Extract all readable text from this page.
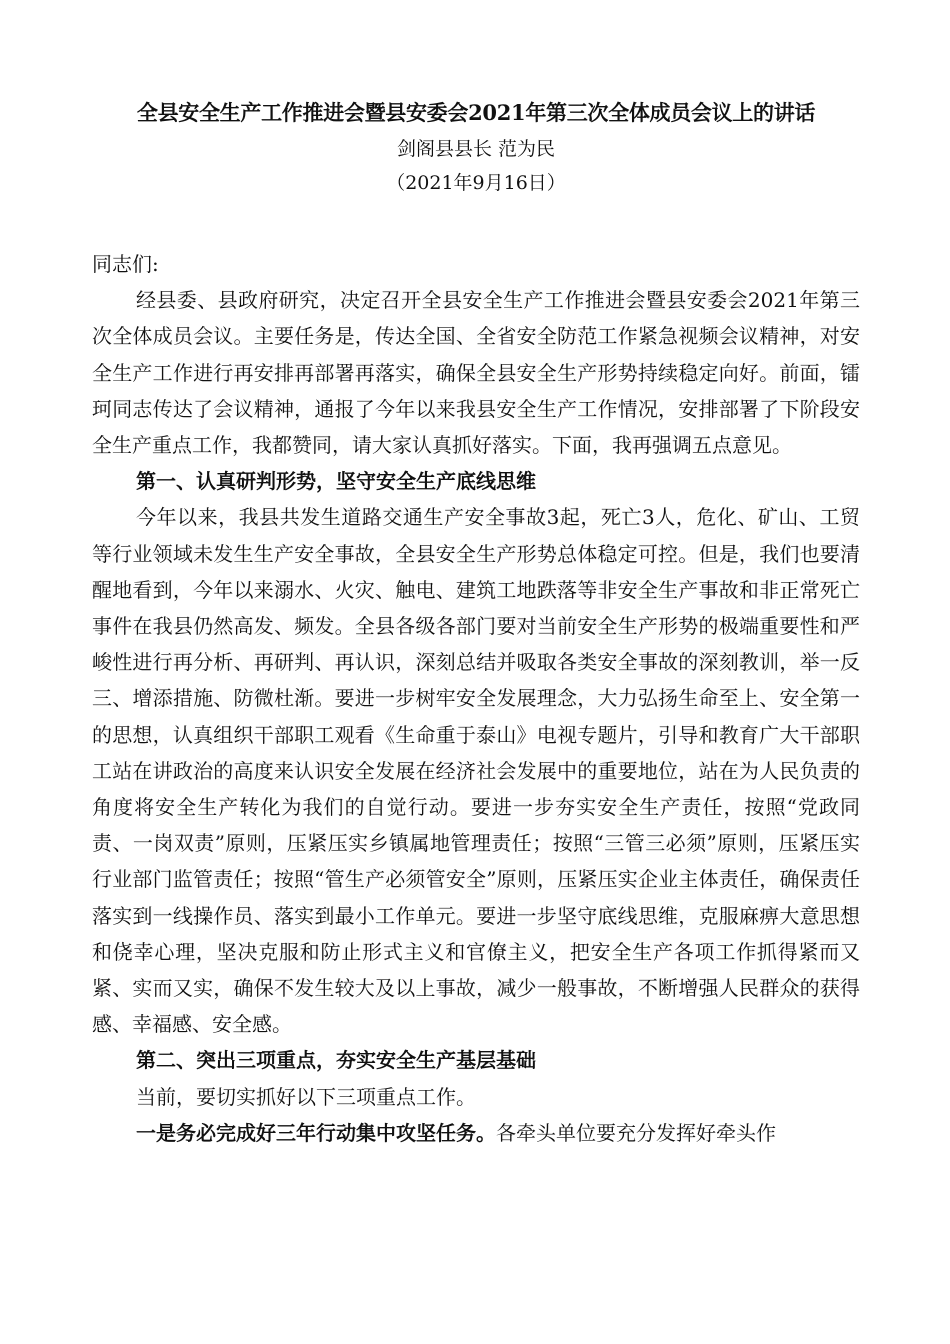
全县安全生产工作推进会暨县安委会2021年第三次全体成员会议上的讲话
剑阁县县长 范为民
（2021年9月16日）

同志们:

经县委、县政府研究，决定召开全县安全生产工作推进会暨县安委会2021年第三次全体成员会议。主要任务是，传达全国、全省安全防范工作紧急视频会议精神，对安全生产工作进行再安排再部署再落实，确保全县安全生产形势持续稳定向好。前面，镭珂同志传达了会议精神，通报了今年以来我县安全生产工作情况，安排部署了下阶段安全生产重点工作，我都赞同，请大家认真抓好落实。下面，我再强调五点意见。

第一、认真研判形势，坚守安全生产底线思维

今年以来，我县共发生道路交通生产安全事故3起，死亡3人，危化、矿山、工贸等行业领域未发生生产安全事故，全县安全生产形势总体稳定可控。但是，我们也要清醒地看到，今年以来溺水、火灾、触电、建筑工地跌落等非安全生产事故和非正常死亡事件在我县仍然高发、频发。全县各级各部门要对当前安全生产形势的极端重要性和严峻性进行再分析、再研判、再认识，深刻总结并吸取各类安全事故的深刻教训，举一反三、增添措施、防微杜渐。要进一步树牢安全发展理念，大力弘扬生命至上、安全第一的思想，认真组织干部职工观看《生命重于泰山》电视专题片，引导和教育广大干部职工站在讲政治的高度来认识安全发展在经济社会发展中的重要地位，站在为人民负责的角度将安全生产转化为我们的自觉行动。要进一步夯实安全生产责任，按照“党政同责、一岗双责”原则，压紧压实乡镇属地管理责任；按照“三管三必须”原则，压紧压实行业部门监管责任；按照“管生产必须管安全”原则，压紧压实企业主体责任，确保责任落实到一线操作员、落实到最小工作单元。要进一步坚守底线思维，克服麻痹大意思想和侥幸心理，坚决克服和防止形式主义和官僚主义，把安全生产各项工作抓得紧而又紧、实而又实，确保不发生较大及以上事故，减少一般事故，不断增强人民群众的获得感、幸福感、安全感。

第二、突出三项重点，夯实安全生产基层基础

当前，要切实抓好以下三项重点工作。

一是务必完成好三年行动集中攻坚任务。各牵头单位要充分发挥好牵头作
